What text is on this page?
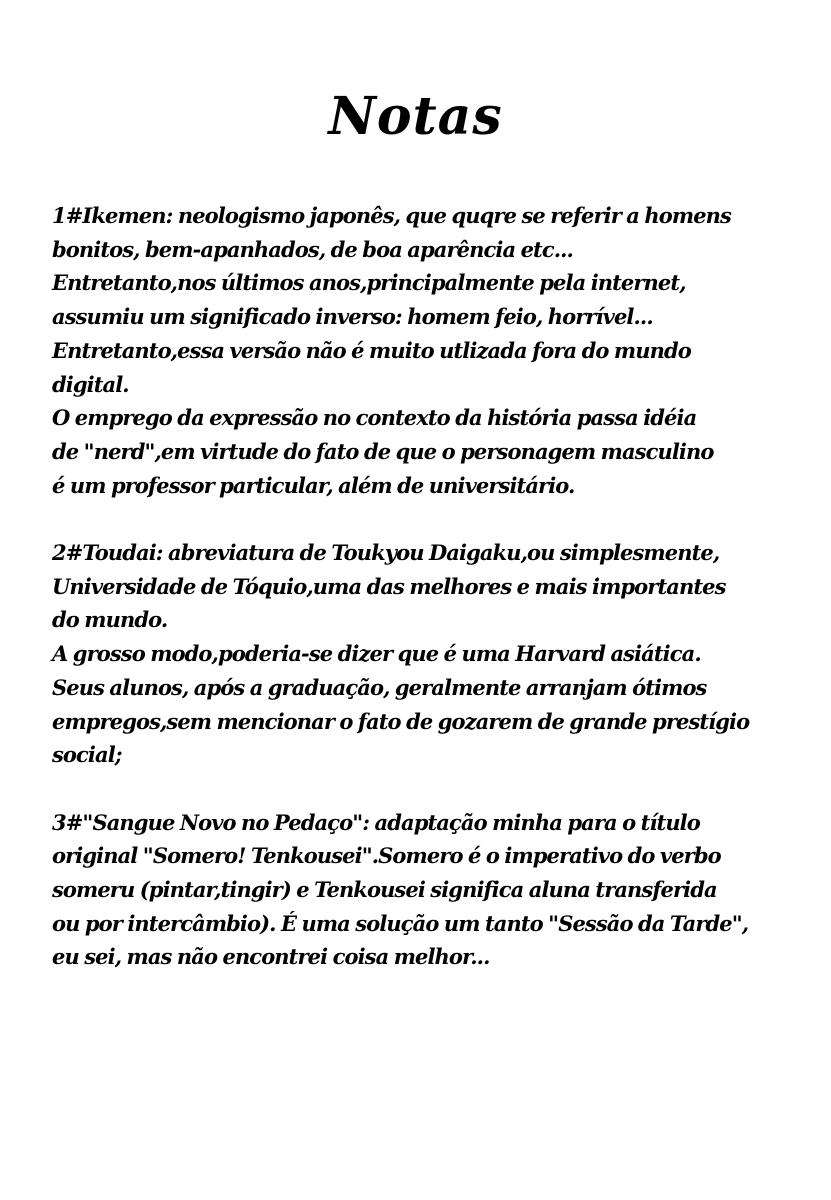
Notas
1#Ikemen: neologismo japonês, que quqre se referir a homens
bonitos, bem-apanhados, de boa aparência etc...
Entretanto,nos últimos anos,principalmente pela internet,
assumiu um significado inverso: homem feio, horrível...
Entretanto,essa versão não é muito utlizada fora do mundo
digital.
O emprego da expressão no contexto da história passa idéia
de "nerd",em virtude do fato de que o personagem masculino
é um professor particular, além de universitário.
2#Toudai: abreviatura de Toukyou Daigaku,ou simplesmente,
Universidade de Tóquio,uma das melhores e mais importantes
do mundo.
A grosso modo,poderia-se dizer que é uma Harvard asiática.
Seus alunos, após a graduação, geralmente arranjam ótimos
empregos,sem mencionar o fato de gozarem de grande prestígio
social;
3#"Sangue Novo no Pedaço": adaptação minha para o título
original "Somero! Tenkousei".Somero é o imperativo do verbo
someru (pintar,tingir) e Tenkousei significa aluna transferida
ou por intercâmbio). É uma solução um tanto "Sessão da Tarde",
eu sei, mas não encontrei coisa melhor...
